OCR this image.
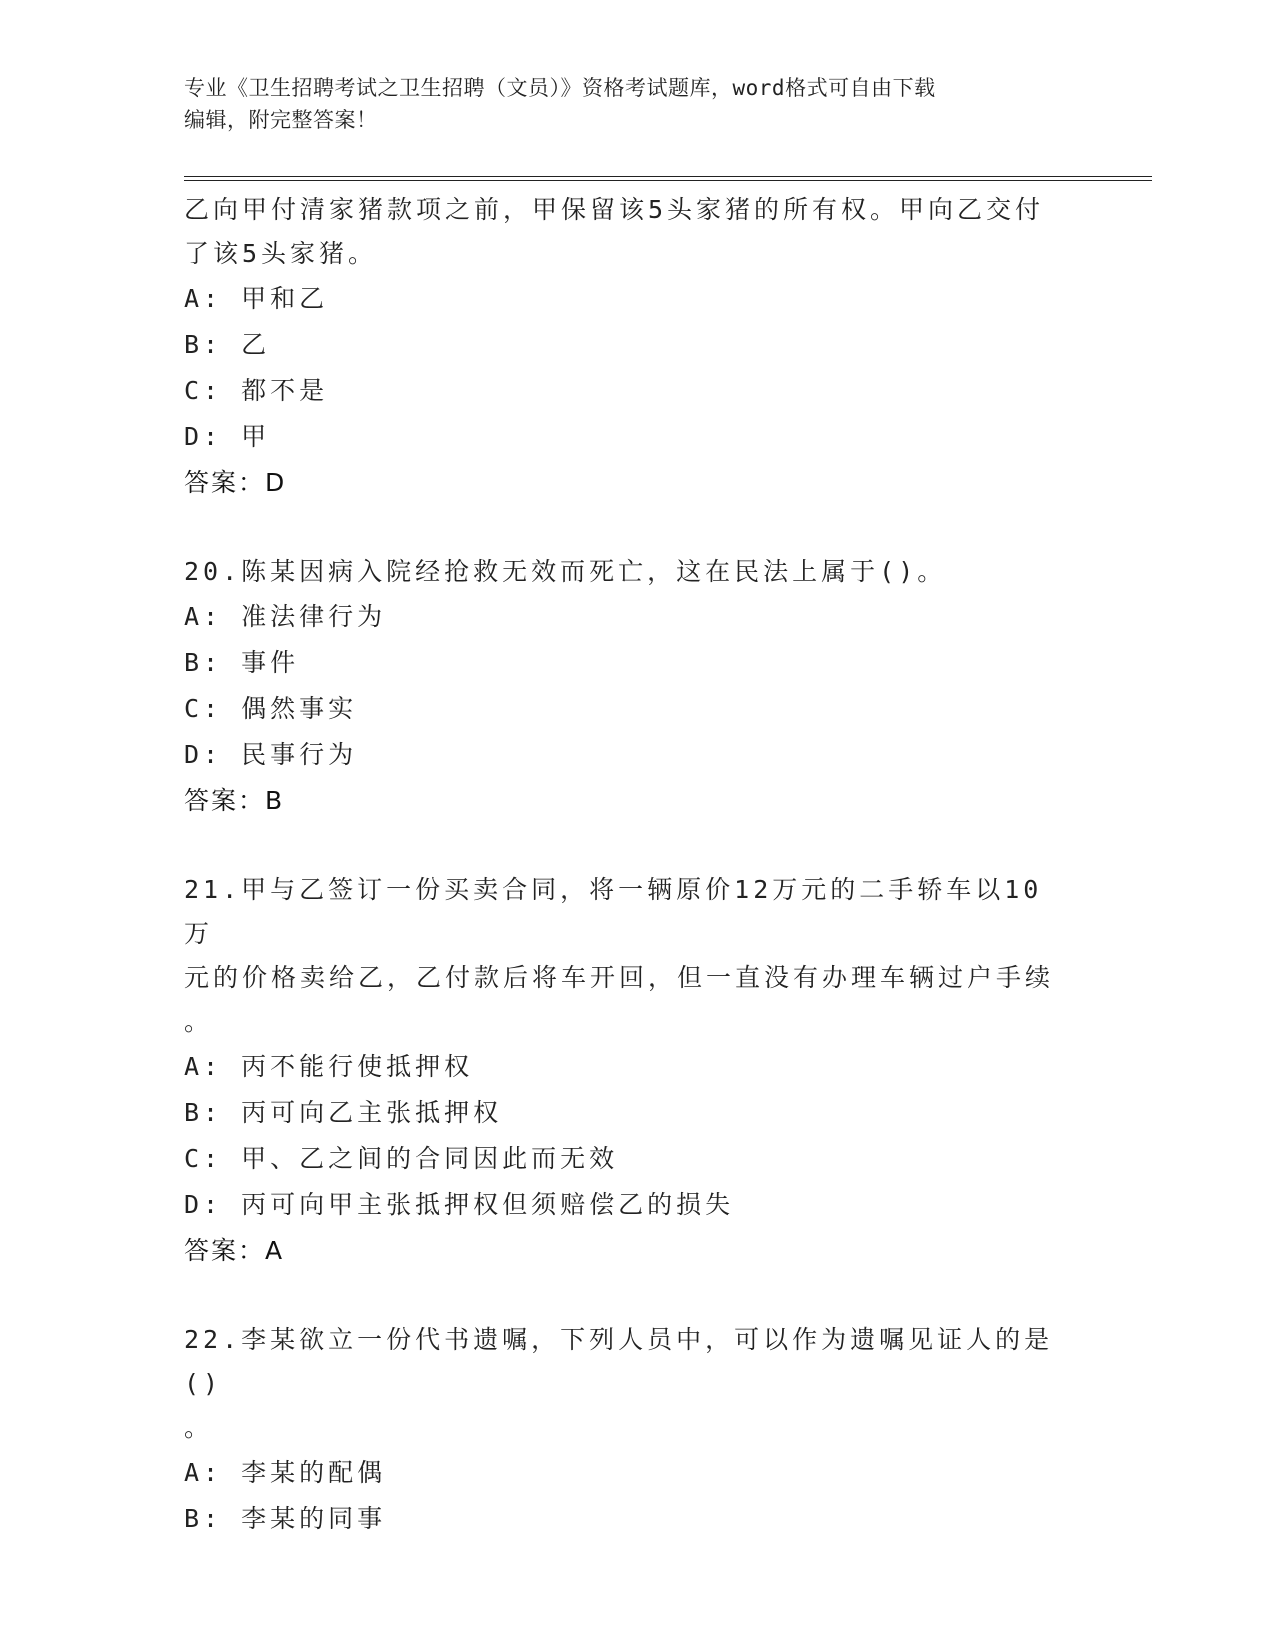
专业《卫生招聘考试之卫生招聘（文员）》资格考试题库，word格式可自由下载
编辑，附完整答案！

乙向甲付清家猪款项之前，甲保留该5头家猪的所有权。甲向乙交付

了该5头家猪。

A: 甲和乙

B: 乙

C: 都不是

D: 甲

答案：D

20.陈某因病入院经抢救无效而死亡，这在民法上属于()。

A: 准法律行为

B: 事件

C: 偶然事实

D: 民事行为

答案：B

21.甲与乙签订一份买卖合同，将一辆原价12万元的二手轿车以10万

元的价格卖给乙，乙付款后将车开回，但一直没有办理车辆过户手续

。

A: 丙不能行使抵押权

B: 丙可向乙主张抵押权

C: 甲、乙之间的合同因此而无效

D: 丙可向甲主张抵押权但须赔偿乙的损失

答案：A

22.李某欲立一份代书遗嘱，下列人员中，可以作为遗嘱见证人的是()

。

A: 李某的配偶

B: 李某的同事
